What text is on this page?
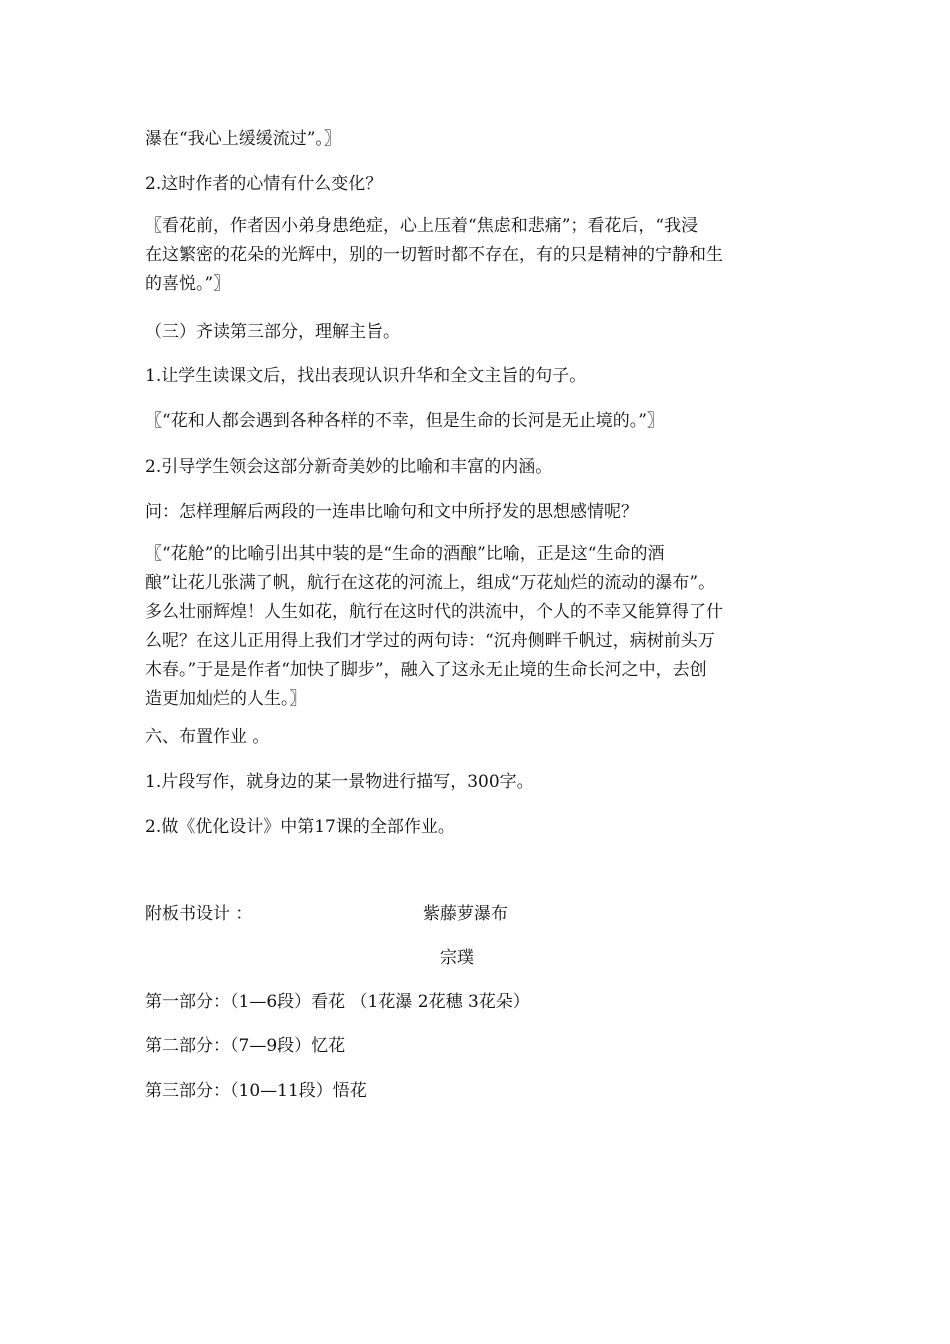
瀑在“我心上缓缓流过”。〗
2.这时作者的心情有什么变化？
〖看花前，作者因小弟身患绝症，心上压着“焦虑和悲痛”；看花后，“我浸
在这繁密的花朵的光辉中，别的一切暂时都不存在，有的只是精神的宁静和生
的喜悦。”〗
（三）齐读第三部分，理解主旨。
1.让学生读课文后，找出表现认识升华和全文主旨的句子。
〖“花和人都会遇到各种各样的不幸，但是生命的长河是无止境的。”〗
2.引导学生领会这部分新奇美妙的比喻和丰富的内涵。
问：怎样理解后两段的一连串比喻句和文中所抒发的思想感情呢？
〖“花舱”的比喻引出其中装的是“生命的酒酿”比喻，正是这“生命的酒
酿”让花儿张满了帆，航行在这花的河流上，组成“万花灿烂的流动的瀑布”。
多么壮丽辉煌！人生如花，航行在这时代的洪流中，个人的不幸又能算得了什
么呢？在这儿正用得上我们才学过的两句诗：“沉舟侧畔千帆过，病树前头万
木春。”于是是作者“加快了脚步”，融入了这永无止境的生命长河之中，去创
造更加灿烂的人生。〗
六、布置作业 。
1.片段写作，就身边的某一景物进行描写，300字。
2.做《优化设计》中第17课的全部作业。
附板书设计 ：	紫藤萝瀑布
宗璞
第一部分：（1—6段）看花 （1花瀑 2花穗 3花朵）
第二部分：（7—9段）忆花
第三部分：（10—11段）悟花
